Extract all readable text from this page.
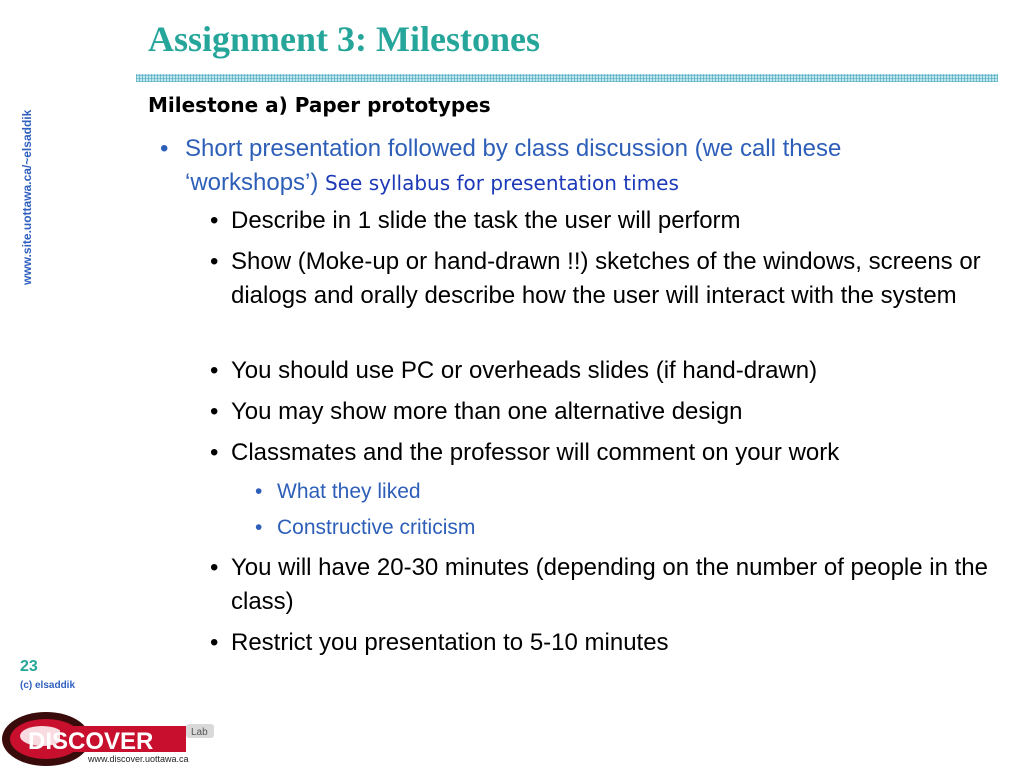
Assignment 3: Milestones
www.site.uottawa.ca/~elsaddik
Milestone a) Paper prototypes
• Short presentation followed by class discussion (we call these ‘workshops’) See syllabus for presentation times
• Describe in 1 slide the task the user will perform
• Show (Moke-up or hand-drawn !!) sketches of the windows, screens or dialogs and orally describe how the user will interact with the system
• You should use PC or overheads slides (if hand-drawn)
• You may show more than one alternative design
• Classmates and the professor will comment on your work
• What they liked
• Constructive criticism
• You will have 20-30 minutes (depending on the number of people in the class)
• Restrict you presentation to 5-10 minutes
23
(c) elsaddik
DISCOVER	Lab
www.discover.uottawa.ca
